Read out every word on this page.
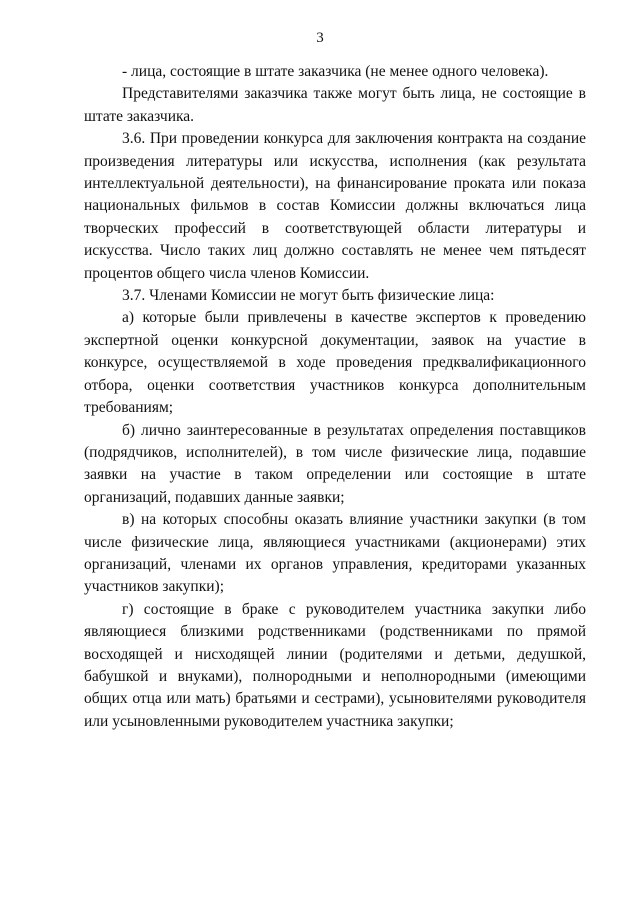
3

- лица, состоящие в штате заказчика (не менее одного человека).

Представителями заказчика также могут быть лица, не состоящие в штате заказчика.

3.6. При проведении конкурса для заключения контракта на создание произведения литературы или искусства, исполнения (как результата интеллектуальной деятельности), на финансирование проката или показа национальных фильмов в состав Комиссии должны включаться лица творческих профессий в соответствующей области литературы и искусства. Число таких лиц должно составлять не менее чем пятьдесят процентов общего числа членов Комиссии.

3.7. Членами Комиссии не могут быть физические лица:

а) которые были привлечены в качестве экспертов к проведению экспертной оценки конкурсной документации, заявок на участие в конкурсе, осуществляемой в ходе проведения предквалификационного отбора, оценки соответствия участников конкурса дополнительным требованиям;

б) лично заинтересованные в результатах определения поставщиков (подрядчиков, исполнителей), в том числе физические лица, подавшие заявки на участие в таком определении или состоящие в штате организаций, подавших данные заявки;

в) на которых способны оказать влияние участники закупки (в том числе физические лица, являющиеся участниками (акционерами) этих организаций, членами их органов управления, кредиторами указанных участников закупки);

г) состоящие в браке с руководителем участника закупки либо являющиеся близкими родственниками (родственниками по прямой восходящей и нисходящей линии (родителями и детьми, дедушкой, бабушкой и внуками), полнородными и неполнородными (имеющими общих отца или мать) братьями и сестрами), усыновителями руководителя или усыновленными руководителем участника закупки;
